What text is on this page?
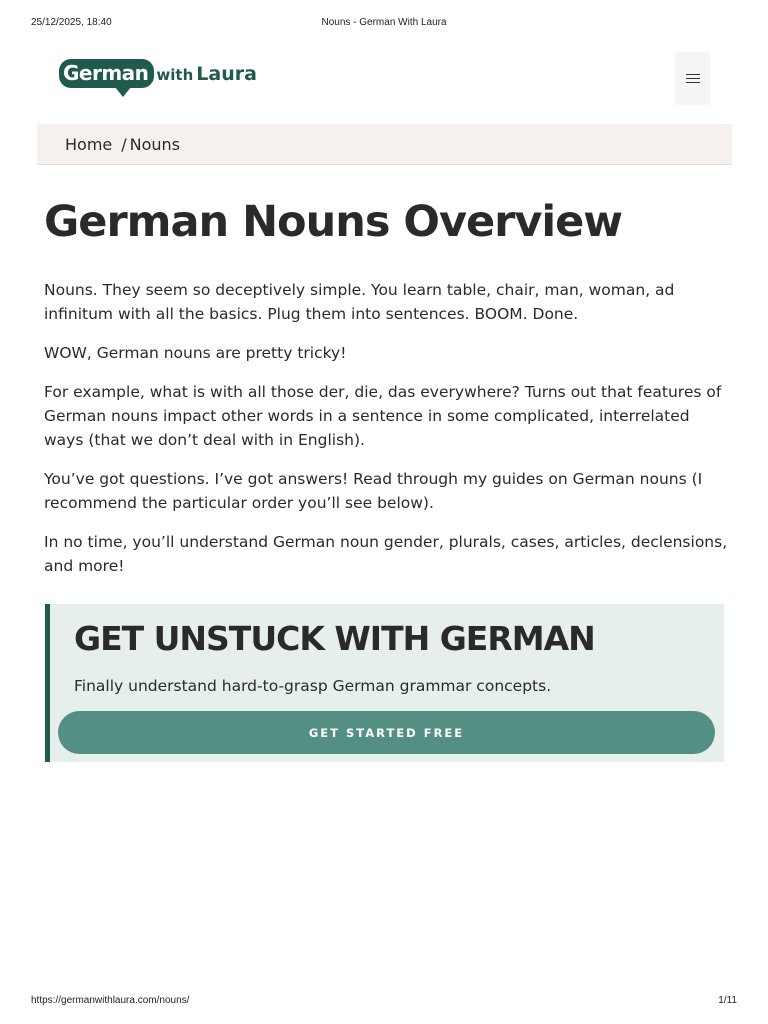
25/12/2025, 18:40	Nouns - German With Laura
German with Laura
Home / Nouns
German Nouns Overview

Nouns. They seem so deceptively simple. You learn table, chair, man, woman, ad infinitum with all the basics. Plug them into sentences. BOOM. Done.

WOW, German nouns are pretty tricky!

For example, what is with all those der, die, das everywhere? Turns out that features of German nouns impact other words in a sentence in some complicated, interrelated ways (that we don’t deal with in English).

You’ve got questions. I’ve got answers! Read through my guides on German nouns (I recommend the particular order you’ll see below).

In no time, you’ll understand German noun gender, plurals, cases, articles, declensions, and more!

GET UNSTUCK WITH GERMAN

Finally understand hard-to-grasp German grammar concepts.

GET STARTED FREE
https://germanwithlaura.com/nouns/	1/11
